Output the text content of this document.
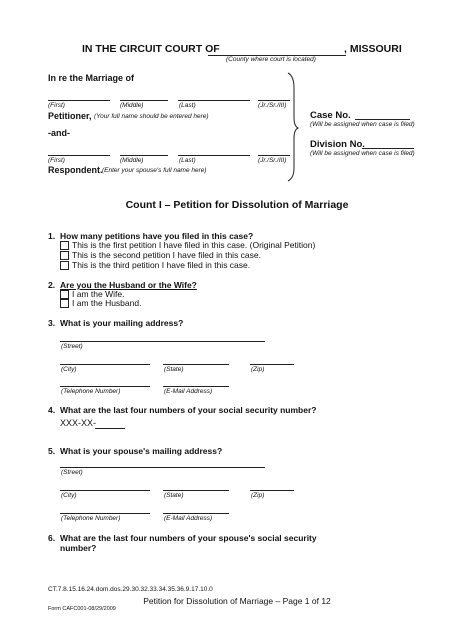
IN THE CIRCUIT COURT OF	, MISSOURI
(County where court is located)
In re the Marriage of
(First)	(Middle)	(Last)	(Jr./Sr./III)
Petitioner, (Your full name should be entered here)
-and-
(First)	(Middle)	(Last)	(Jr./Sr./III)
Respondent. (Enter your spouse's full name here)
Case No.
(Will be assigned when case is filed)
Division No.
(Will be assigned when case is filed)
Count I – Petition for Dissolution of Marriage
1. How many petitions have you filed in this case?
This is the first petition I have filed in this case. (Original Petition)
This is the second petition I have filed in this case.
This is the third petition I have filed in this case.
2. Are you the Husband or the Wife?
I am the Wife.
I am the Husband.
3. What is your mailing address?
(Street)
(City)	(State)	(Zip)
(Telephone Number)	(E-Mail Address)
4. What are the last four numbers of your social security number?
XXX-XX-
5. What is your spouse's mailing address?
(Street)
(City)	(State)	(Zip)
(Telephone Number)	(E-Mail Address)
6. What are the last four numbers of your spouse's social security
number?
CT.7.8.15.16.24.dom.dos.29.30.32.33.34.35.36.9.17.10.0
Petition for Dissolution of Marriage – Page 1 of 12
Form CAFC001-08/29/2009
